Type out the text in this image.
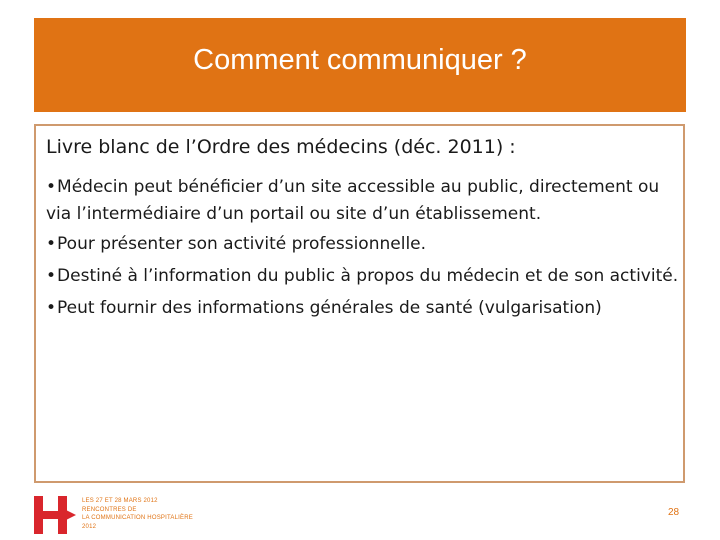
Comment communiquer ?

Livre blanc de l’Ordre des médecins (déc. 2011) :

•Médecin peut bénéficier d’un site accessible au public, directement ou via l’intermédiaire d’un portail ou site d’un établissement.
•Pour présenter son activité professionnelle.
•Destiné à l’information du public à propos du médecin et de son activité.
•Peut fournir des informations générales de santé (vulgarisation)
LES 27 ET 28 MARS 2012
RENCONTRES DE
LA COMMUNICATION HOSPITALIÈRE
2012
28
